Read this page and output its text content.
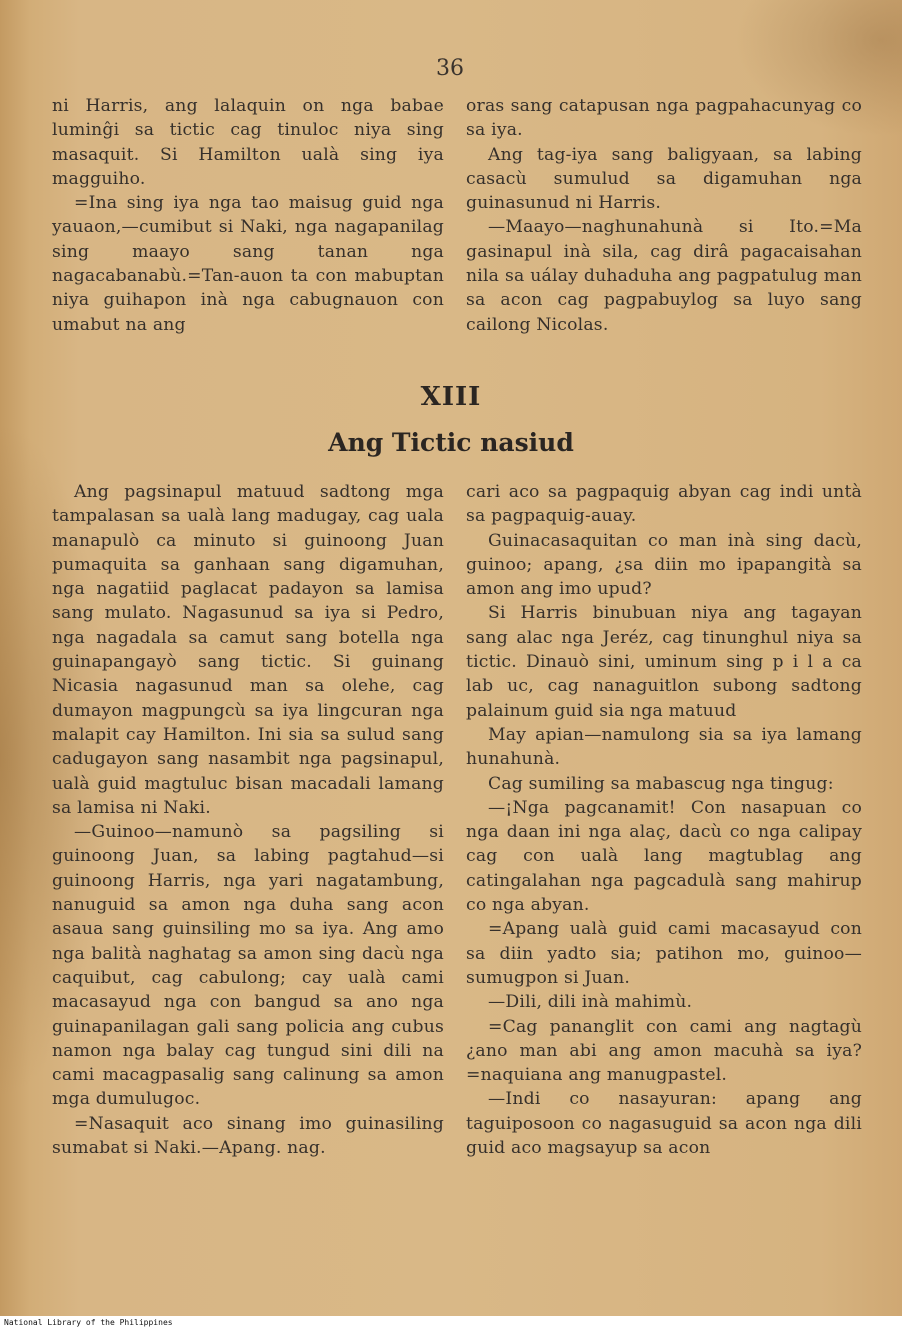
36

ni Harris, ang lalaquin on nga babae luminĝi sa tictic cag tinuloc niya sing masaquit. Si Hamilton ualà sing iya magguiho.

=Ina sing iya nga tao maisug guid nga yauaon,—cumibut si Naki, nga nagapanilag sing maayo sang tanan nga nagacabanabù.=Tan-auon ta con mabuptan niya guihapon inà nga cabugnauon con umabut na ang

oras sang catapusan nga pagpahacunyag co sa iya.

Ang tag-iya sang baligyaan, sa labing casacù sumulud sa digamuhan nga guinasunud ni Harris.

—Maayo—naghunahunà si Ito.=Ma gasinapul inà sila, cag dirâ pagacaisahan nila sa uálay duhaduha ang pagpatulug man sa acon cag pagpabuylog sa luyo sang cailong Nicolas.

XIII
Ang Tictic nasiud

Ang pagsinapul matuud sadtong mga tampalasan sa ualà lang madugay, cag uala manapulò ca minuto si guinoong Juan pumaquita sa ganhaan sang digamuhan, nga nagatiid paglacat padayon sa lamisa sang mulato. Nagasunud sa iya si Pedro, nga nagadala sa camut sang botella nga guinapangayò sang tictic. Si guinang Nicasia nagasunud man sa olehe, cag dumayon magpungcù sa iya lingcuran nga malapit cay Hamilton. Ini sia sa sulud sang cadugayon sang nasambit nga pagsinapul, ualà guid magtuluc bisan macadali lamang sa lamisa ni Naki.

—Guinoo—namunò sa pagsiling si guinoong Juan, sa labing pagtahud—si guinoong Harris, nga yari nagatambung, nanuguid sa amon nga duha sang acon asaua sang guinsiling mo sa iya. Ang amo nga balità naghatag sa amon sing dacù nga caquibut, cag cabulong; cay ualà cami macasayud nga con bangud sa ano nga guinapanilagan gali sang policia ang cubus namon nga balay cag tungud sini dili na cami macagpasalig sang calinung sa amon mga dumulugoc.

=Nasaquit aco sinang imo guinasiling sumabat si Naki.—Apang. nag.

cari aco sa pagpaquig abyan cag indi untà sa pagpaquig-auay.

Guinacasaquitan co man inà sing dacù, guinoo; apang, ¿sa diin mo ipapangità sa amon ang imo upud?

Si Harris binubuan niya ang tagayan sang alac nga Jeréz, cag tinunghul niya sa tictic. Dinauò sini, uminum sing p i l a ca lab uc, cag nanaguitlon subong sadtong palainum guid sia nga matuud

May apian—namulong sia sa iya lamang hunahunà.

Cag sumiling sa mabascug nga tingug:

—¡Nga pagcanamit! Con nasapuan co nga daan ini nga alaç, dacù co nga calipay cag con ualà lang magtublag ang catingalahan nga pagcadulà sang mahirup co nga abyan.

=Apang ualà guid cami macasayud con sa diin yadto sia; patihon mo, guinoo—sumugpon si Juan.

—Dili, dili inà mahimù.

=Cag pananglit con cami ang nagtagù ¿ano man abi ang amon macuhà sa iya?=naquiana ang manugpastel.

—Indi co nasayuran: apang ang taguiposoon co nagasuguid sa acon nga dili guid aco magsayup sa acon

National Library of the Philippines
